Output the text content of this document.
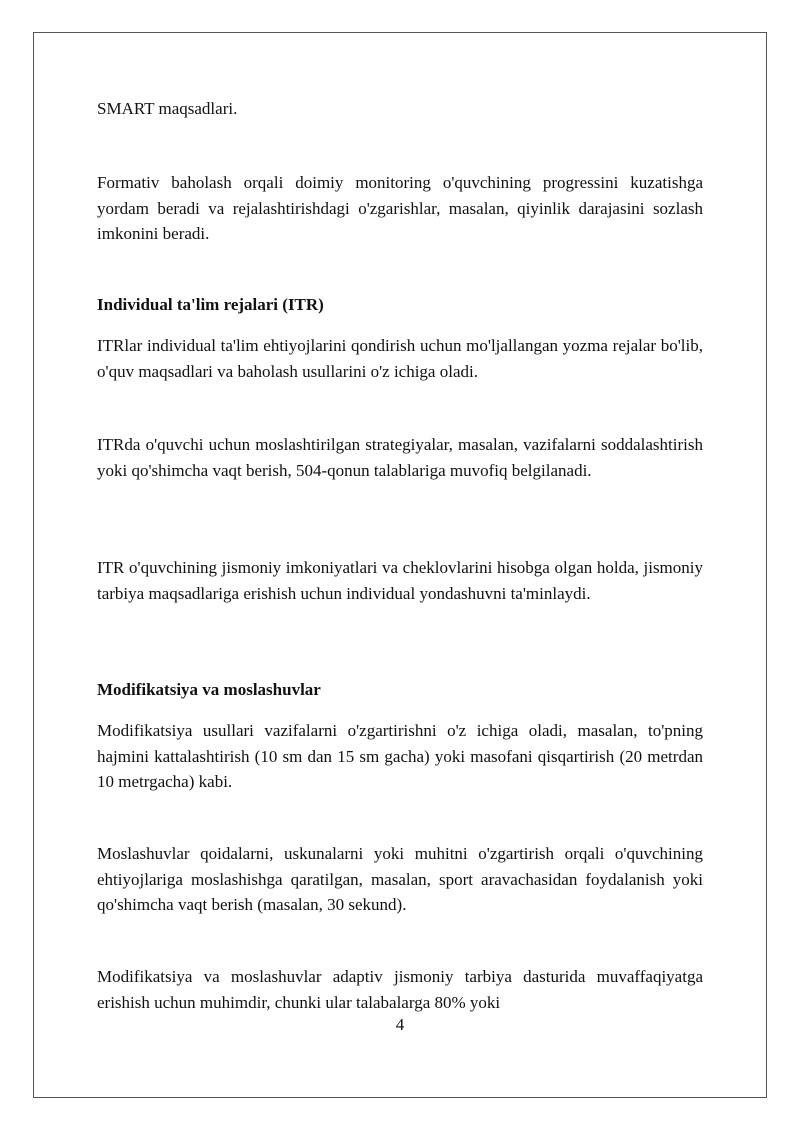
SMART maqsadlari.

Formativ baholash orqali doimiy monitoring o'quvchining progressini kuzatishga yordam beradi va rejalashtirishdagi o'zgarishlar, masalan, qiyinlik darajasini sozlash imkonini beradi.

Individual ta'lim rejalari (ITR)

ITRlar individual ta'lim ehtiyojlarini qondirish uchun mo'ljallangan yozma rejalar bo'lib, o'quv maqsadlari va baholash usullarini o'z ichiga oladi.

ITRda o'quvchi uchun moslashtirilgan strategiyalar, masalan, vazifalarni soddalashtirish yoki qo'shimcha vaqt berish, 504-qonun talablariga muvofiq belgilanadi.

ITR o'quvchining jismoniy imkoniyatlari va cheklovlarini hisobga olgan holda, jismoniy tarbiya maqsadlariga erishish uchun individual yondashuvni ta'minlaydi.

Modifikatsiya va moslashuvlar

Modifikatsiya usullari vazifalarni o'zgartirishni o'z ichiga oladi, masalan, to'pning hajmini kattalashtirish (10 sm dan 15 sm gacha) yoki masofani qisqartirish (20 metrdan 10 metrgacha) kabi.

Moslashuvlar qoidalarni, uskunalarni yoki muhitni o'zgartirish orqali o'quvchining ehtiyojlariga moslashishga qaratilgan, masalan, sport aravachasidan foydalanish yoki qo'shimcha vaqt berish (masalan, 30 sekund).

Modifikatsiya va moslashuvlar adaptiv jismoniy tarbiya dasturida muvaffaqiyatga erishish uchun muhimdir, chunki ular talabalarga 80% yoki

4
